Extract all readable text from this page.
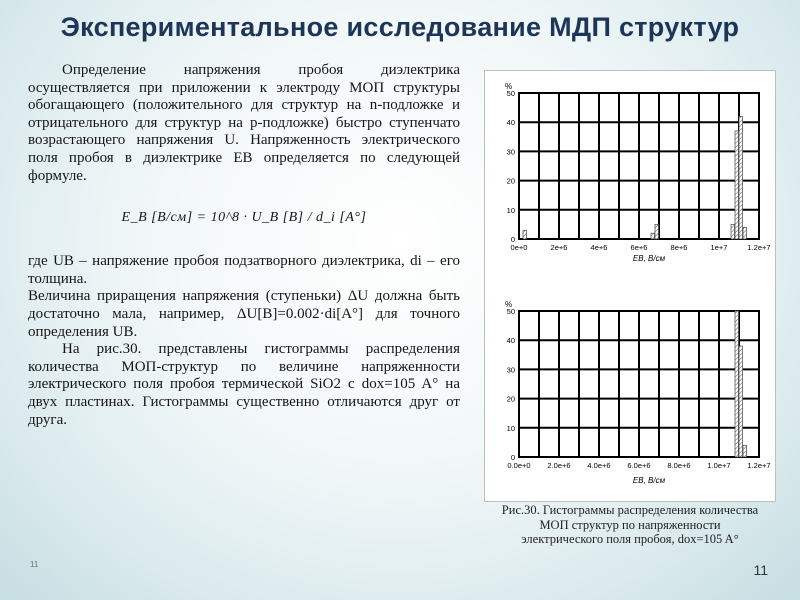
Экспериментальное исследование МДП структур

Определение напряжения пробоя диэлектрика осуществляется при приложении к электроду МОП структуры обогащающего (положительного для структур на n-подложке и отрицательного для структур на p-подложке) быстро ступенчато возрастающего напряжения U. Напряженность электрического поля пробоя в диэлектрике EB определяется по следующей формуле.

E_B [В/см] = 10^8 · U_B [В] / d_i [А°]

где UB – напряжение пробоя подзатворного диэлектрика, di – его толщина.

Величина приращения напряжения (ступеньки) ΔU должна быть достаточно мала, например, ΔU[B]=0.002·di[A°] для точного определения UB.

На рис.30. представлены гистограммы распределения количества МОП-структур по величине напряженности электрического поля пробоя термической SiO2 с dox=105 A° на двух пластинах. Гистограммы существенно отличаются друг от друга.

%
0e+0	2e+6	4e+6	6e+6	8e+6	1e+7	1.2e+7
0
10
20
30
40
50
EB, В/см
%
0.0e+0 2.0e+6 4.0e+6 6.0e+6 8.0e+6 1.0e+7 1.2e+7
0
10
20
30
40
50
EB, В/см
Рис.30. Гистограммы распределения количества
МОП структур по напряженности
электрического поля пробоя, dox=105 A°
11
11
